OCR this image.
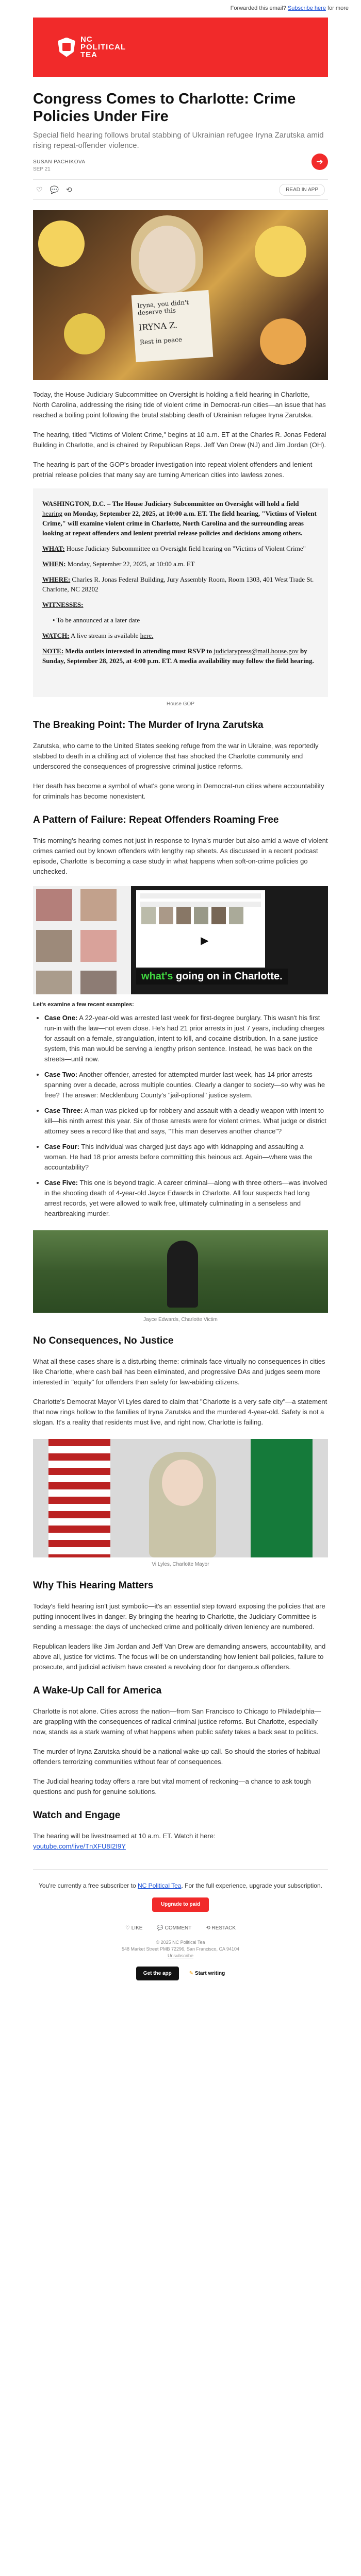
Forwarded this email? Subscribe here for more
NC
POLITICAL
TEA
Congress Comes to Charlotte: Crime Policies Under Fire
Special field hearing follows brutal stabbing of Ukrainian refugee Iryna Zarutska amid rising repeat-offender violence.
SUSAN PACHIKOVA
SEP 21
➔
♡ 💬 ⟲	READ IN APP
Iryna, you didn't deserve this
IRYNA Z.
Rest in peace

Today, the House Judiciary Subcommittee on Oversight is holding a field hearing in Charlotte, North Carolina, addressing the rising tide of violent crime in Democrat-run cities—an issue that has reached a boiling point following the brutal stabbing death of Ukrainian refugee Iryna Zarutska.

The hearing, titled "Victims of Violent Crime," begins at 10 a.m. ET at the Charles R. Jonas Federal Building in Charlotte, and is chaired by Republican Reps. Jeff Van Drew (NJ) and Jim Jordan (OH).

The hearing is part of the GOP's broader investigation into repeat violent offenders and lenient pretrial release policies that many say are turning American cities into lawless zones.

WASHINGTON, D.C. – The House Judiciary Subcommittee on Oversight will hold a field hearing on Monday, September 22, 2025, at 10:00 a.m. ET. The field hearing, "Victims of Violent Crime," will examine violent crime in Charlotte, North Carolina and the surrounding areas looking at repeat offenders and lenient pretrial release policies and decisions among others.

WHAT: House Judiciary Subcommittee on Oversight field hearing on "Victims of Violent Crime"

WHEN: Monday, September 22, 2025, at 10:00 a.m. ET

WHERE: Charles R. Jonas Federal Building, Jury Assembly Room, Room 1303, 401 West Trade St. Charlotte, NC 28202

WITNESSES:

• To be announced at a later date

WATCH: A live stream is available here.

NOTE: Media outlets interested in attending must RSVP to judiciarypress@mail.house.gov by Sunday, September 28, 2025, at 4:00 p.m. ET. A media availability may follow the field hearing.

House GOP
The Breaking Point: The Murder of Iryna Zarutska

Zarutska, who came to the United States seeking refuge from the war in Ukraine, was reportedly stabbed to death in a chilling act of violence that has shocked the Charlotte community and underscored the consequences of progressive criminal justice reforms.

Her death has become a symbol of what's gone wrong in Democrat-run cities where accountability for criminals has become nonexistent.

A Pattern of Failure: Repeat Offenders Roaming Free

This morning's hearing comes not just in response to Iryna's murder but also amid a wave of violent crimes carried out by known offenders with lengthy rap sheets. As discussed in a recent podcast episode, Charlotte is becoming a case study in what happens when soft-on-crime policies go unchecked.

▶
what's going on in Charlotte.
Let's examine a few recent examples:
• Case One: A 22-year-old was arrested last week for first-degree burglary. This wasn't his first run-in with the law—not even close. He's had 21 prior arrests in just 7 years, including charges for assault on a female, strangulation, intent to kill, and cocaine distribution. In a sane justice system, this man would be serving a lengthy prison sentence. Instead, he was back on the streets—until now.
• Case Two: Another offender, arrested for attempted murder last week, has 14 prior arrests spanning over a decade, across multiple counties. Clearly a danger to society—so why was he free? The answer: Mecklenburg County's "jail-optional" justice system.
• Case Three: A man was picked up for robbery and assault with a deadly weapon with intent to kill—his ninth arrest this year. Six of those arrests were for violent crimes. What judge or district attorney sees a record like that and says, "This man deserves another chance"?
• Case Four: This individual was charged just days ago with kidnapping and assaulting a woman. He had 18 prior arrests before committing this heinous act. Again—where was the accountability?
• Case Five: This one is beyond tragic. A career criminal—along with three others—was involved in the shooting death of 4-year-old Jayce Edwards in Charlotte. All four suspects had long arrest records, yet were allowed to walk free, ultimately culminating in a senseless and heartbreaking murder.
Jayce Edwards, Charlotte Victim
No Consequences, No Justice

What all these cases share is a disturbing theme: criminals face virtually no consequences in cities like Charlotte, where cash bail has been eliminated, and progressive DAs and judges seem more interested in "equity" for offenders than safety for law-abiding citizens.

Charlotte's Democrat Mayor Vi Lyles dared to claim that "Charlotte is a very safe city"—a statement that now rings hollow to the families of Iryna Zarutska and the murdered 4-year-old. Safety is not a slogan. It's a reality that residents must live, and right now, Charlotte is failing.

Vi Lyles, Charlotte Mayor
Why This Hearing Matters

Today's field hearing isn't just symbolic—it's an essential step toward exposing the policies that are putting innocent lives in danger. By bringing the hearing to Charlotte, the Judiciary Committee is sending a message: the days of unchecked crime and politically driven leniency are numbered.

Republican leaders like Jim Jordan and Jeff Van Drew are demanding answers, accountability, and above all, justice for victims. The focus will be on understanding how lenient bail policies, failure to prosecute, and judicial activism have created a revolving door for dangerous offenders.

A Wake-Up Call for America

Charlotte is not alone. Cities across the nation—from San Francisco to Chicago to Philadelphia—are grappling with the consequences of radical criminal justice reforms. But Charlotte, especially now, stands as a stark warning of what happens when public safety takes a back seat to politics.

The murder of Iryna Zarutska should be a national wake-up call. So should the stories of habitual offenders terrorizing communities without fear of consequences.

The Judicial hearing today offers a rare but vital moment of reckoning—a chance to ask tough questions and push for genuine solutions.

Watch and Engage

The hearing will be livestreamed at 10 a.m. ET. Watch it here:
youtube.com/live/TnXFU8I2I9Y

You're currently a free subscriber to NC Political Tea. For the full experience, upgrade your subscription.
Upgrade to paid
♡ LIKE	💬 COMMENT	⟲ RESTACK
© 2025 NC Political Tea
548 Market Street PMB 72296, San Francisco, CA 94104
Unsubscribe
Get the app	✎ Start writing
